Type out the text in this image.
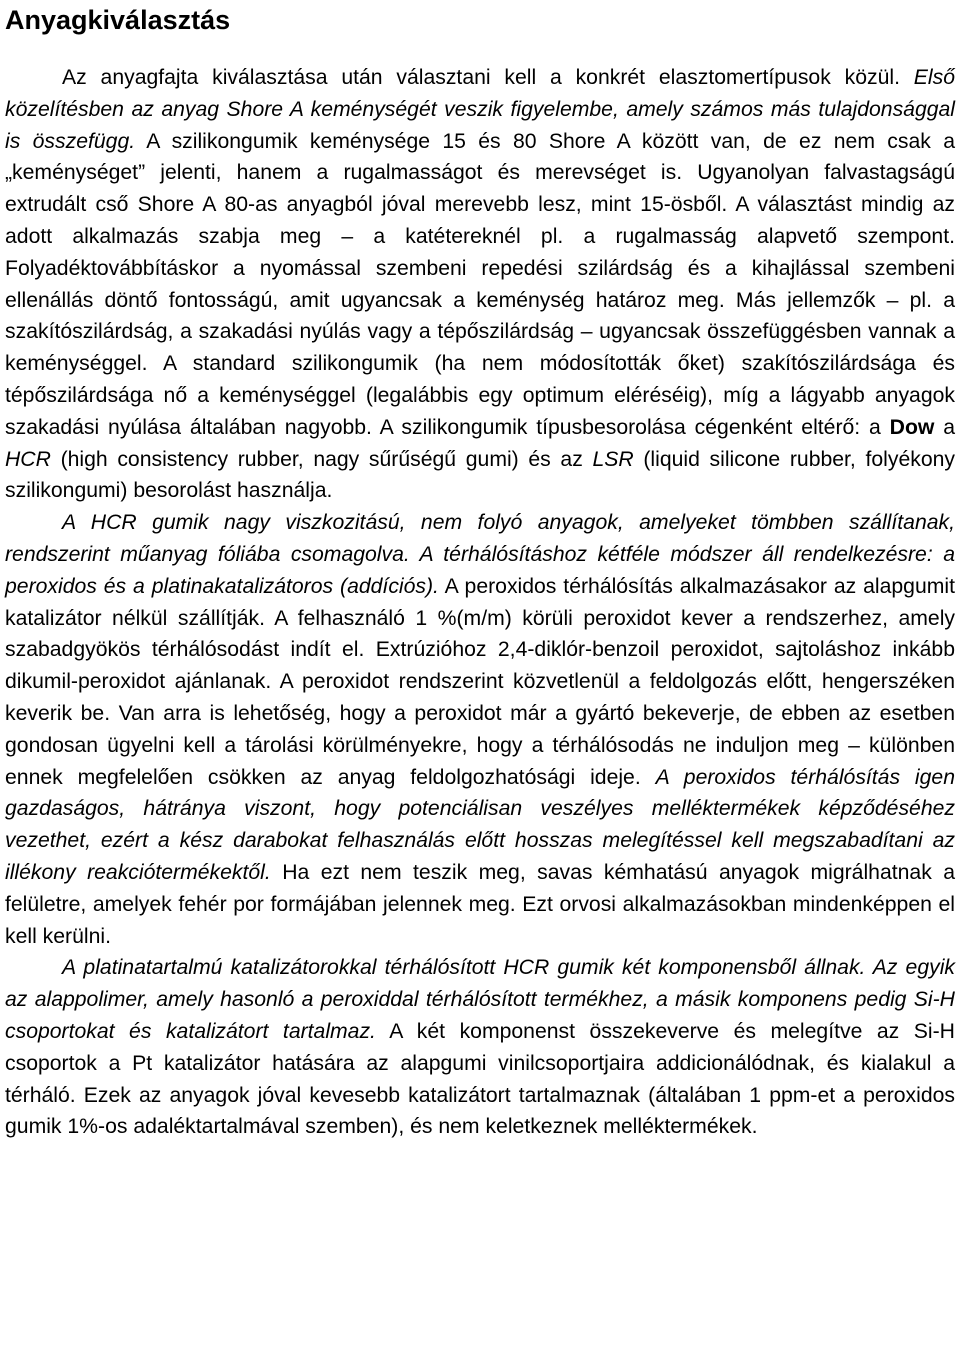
Anyagkiválasztás

Az anyagfajta kiválasztása után választani kell a konkrét elasztomertípusok közül. Első közelítésben az anyag Shore A keménységét veszik figyelembe, amely számos más tulajdonsággal is összefügg. A szilikongumik keménysége 15 és 80 Shore A között van, de ez nem csak a „keménységet” jelenti, hanem a rugalmasságot és merevséget is. Ugyanolyan falvastagságú extrudált cső Shore A 80-as anyagból jóval merevebb lesz, mint 15-ösből. A választást mindig az adott alkalmazás szabja meg – a katétereknél pl. a rugalmasság alapvető szempont. Folyadéktovábbításkor a nyomással szembeni repedési szilárdság és a kihajlással szembeni ellenállás döntő fontosságú, amit ugyancsak a keménység határoz meg. Más jellemzők – pl. a szakítószilárdság, a szakadási nyúlás vagy a tépőszilárdság – ugyancsak összefüggésben vannak a keménységgel. A standard szilikongumik (ha nem módosították őket) szakítószilárdsága és tépőszilárdsága nő a keménységgel (legalábbis egy optimum eléréséig), míg a lágyabb anyagok szakadási nyúlása általában nagyobb. A szilikongumik típusbesorolása cégenként eltérő: a Dow a HCR (high consistency rubber, nagy sűrűségű gumi) és az LSR (liquid silicone rubber, folyékony szilikongumi) besorolást használja.

A HCR gumik nagy viszkozitású, nem folyó anyagok, amelyeket tömbben szállítanak, rendszerint műanyag fóliába csomagolva. A térhálósításhoz kétféle módszer áll rendelkezésre: a peroxidos és a platinakatalizátoros (addíciós). A peroxidos térhálósítás alkalmazásakor az alapgumit katalizátor nélkül szállítják. A felhasználó 1 %(m/m) körüli peroxidot kever a rendszerhez, amely szabadgyökös térhálósodást indít el. Extrúzióhoz 2,4-diklór-benzoil peroxidot, sajtoláshoz inkább dikumil-peroxidot ajánlanak. A peroxidot rendszerint közvetlenül a feldolgozás előtt, hengerszéken keverik be. Van arra is lehetőség, hogy a peroxidot már a gyártó bekeverje, de ebben az esetben gondosan ügyelni kell a tárolási körülményekre, hogy a térhálósodás ne induljon meg – különben ennek megfelelően csökken az anyag feldolgozhatósági ideje. A peroxidos térhálósítás igen gazdaságos, hátránya viszont, hogy potenciálisan veszélyes melléktermékek képződéséhez vezethet, ezért a kész darabokat felhasználás előtt hosszas melegítéssel kell megszabadítani az illékony reakciótermékektől. Ha ezt nem teszik meg, savas kémhatású anyagok migrálhatnak a felületre, amelyek fehér por formájában jelennek meg. Ezt orvosi alkalmazásokban mindenképpen el kell kerülni.

A platinatartalmú katalizátorokkal térhálósított HCR gumik két komponensből állnak. Az egyik az alappolimer, amely hasonló a peroxiddal térhálósított termékhez, a másik komponens pedig Si-H csoportokat és katalizátort tartalmaz. A két komponenst összekeverve és melegítve az Si-H csoportok a Pt katalizátor hatására az alapgumi vinilcsoportjaira addicionálódnak, és kialakul a térháló. Ezek az anyagok jóval kevesebb katalizátort tartalmaznak (általában 1 ppm-et a peroxidos gumik 1%-os adaléktartalmával szemben), és nem keletkeznek melléktermékek.
